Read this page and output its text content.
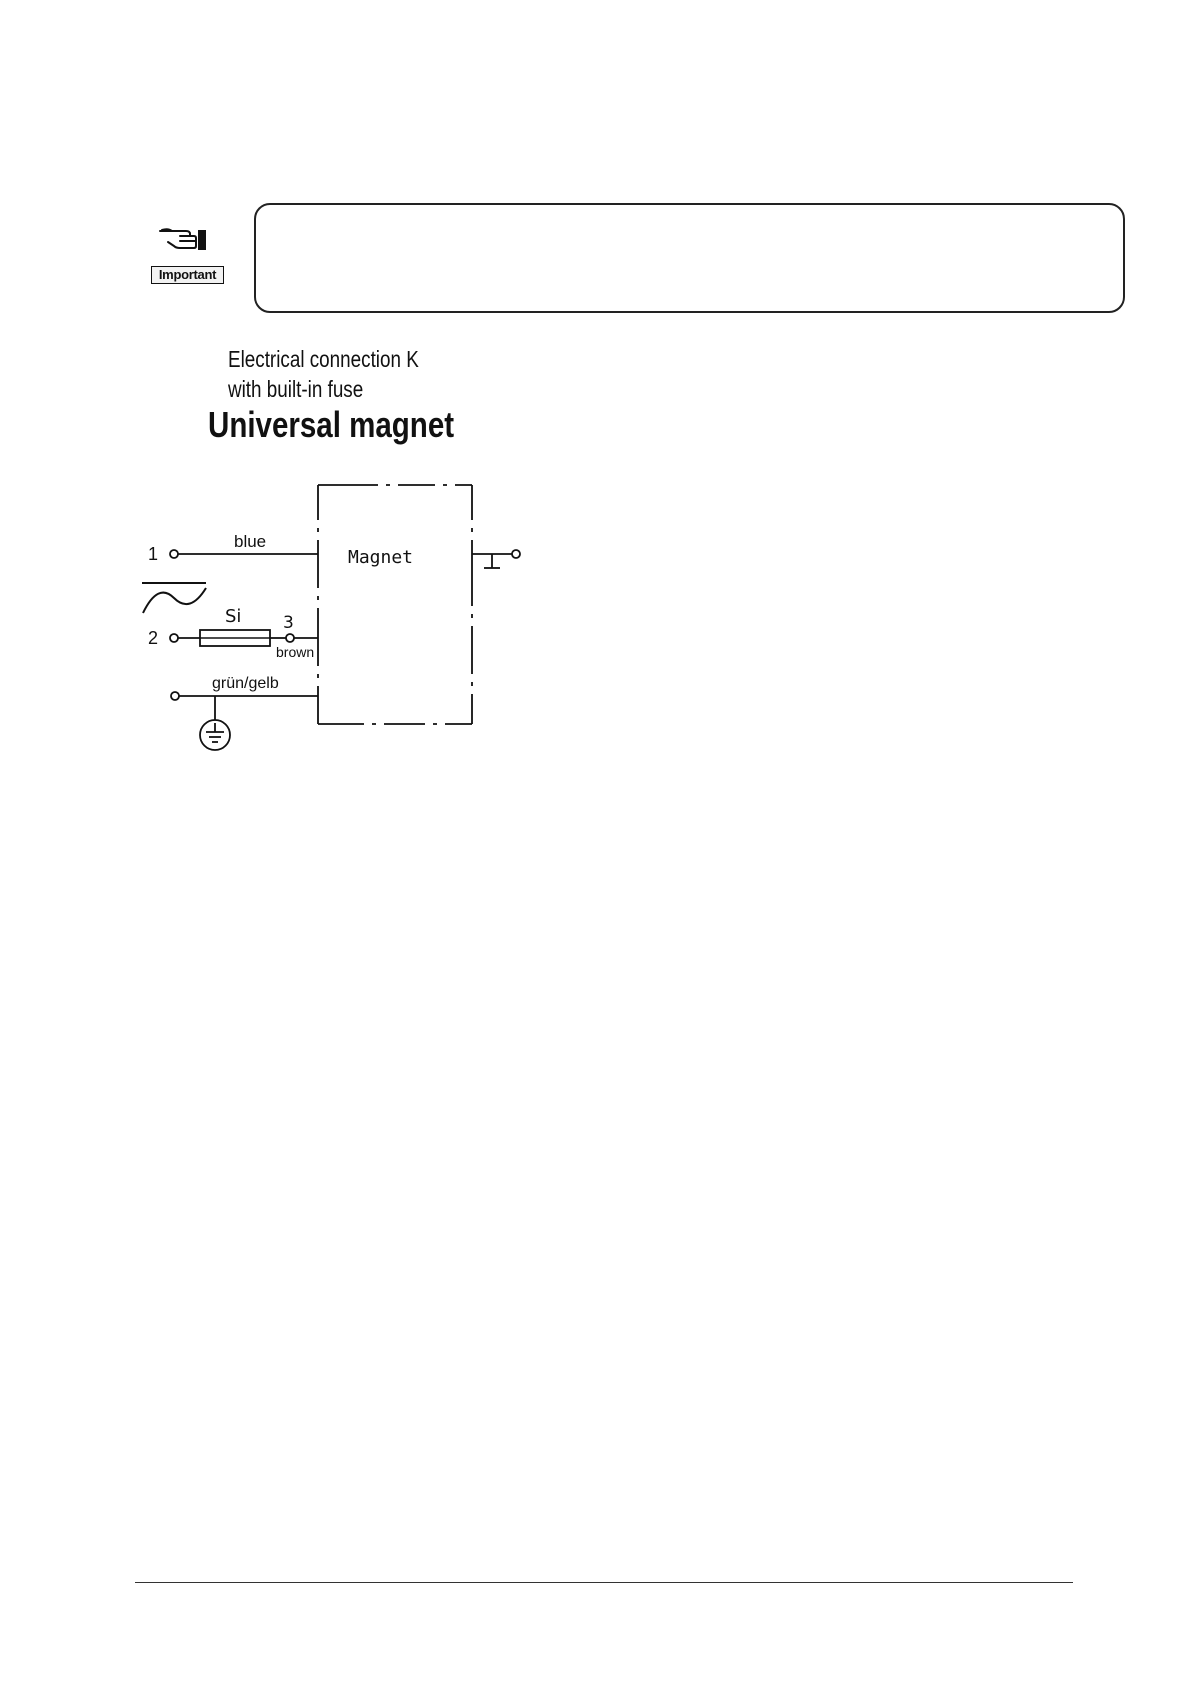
Important
Electrical connection K
with built-in fuse
Universal magnet
Magnet
1
blue
2
Si 3
brown
grün/gelb
